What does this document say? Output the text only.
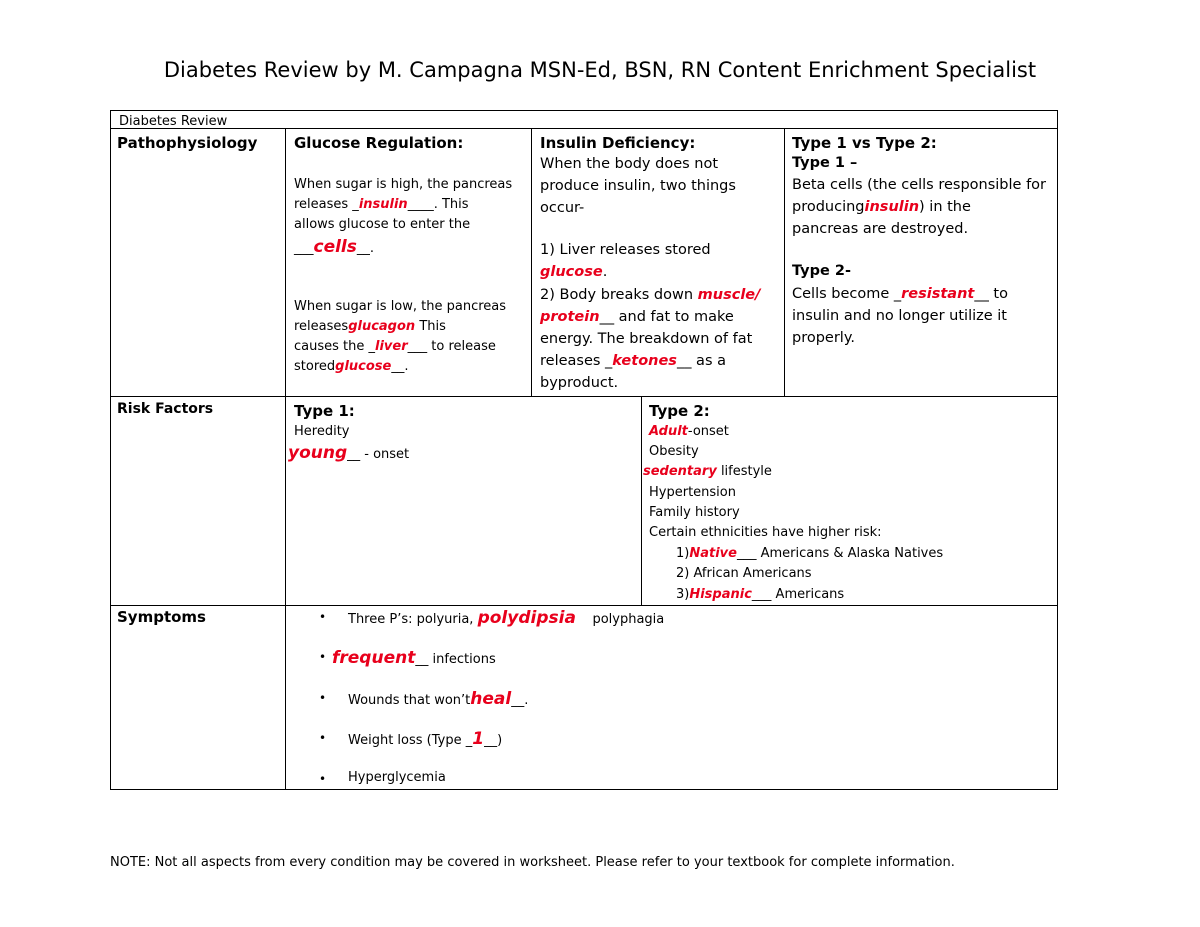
Diabetes Review by M. Campagna MSN-Ed, BSN, RN Content Enrichment Specialist
Diabetes Review
Pathophysiology Glucose Regulation:
When sugar is high, the pancreas
releases _insulin____. This
allows glucose to enter the
___cells__.
When sugar is low, the pancreas
releasesglucagon This
causes the _liver___ to release
storedglucose__.
Insulin Deficiency:
When the body does not
produce insulin, two things
occur-
1) Liver releases stored
glucose.
2) Body breaks down muscle/
protein__ and fat to make
energy. The breakdown of fat
releases _ketones__ as a
byproduct.
Type 1 vs Type 2:
Type 1 –
Beta cells (the cells responsible for
producinginsulin) in the
pancreas are destroyed.
Type 2-
Cells become _resistant__ to
insulin and no longer utilize it
properly.
Risk Factors	Type 1:
Heredity
young__ - onset
Type 2:
Adult-onset
Obesity
sedentary lifestyle
Hypertension
Family history
Certain ethnicities have higher risk:
1)Native___ Americans & Alaska Natives
2) African Americans
3)Hispanic___ Americans
Symptoms	• Three P’s: polyuria, polydipsia polyphagia
• frequent__ infections
• Wounds that won’theal__.
• Weight loss (Type _1__)
• Hyperglycemia
NOTE: Not all aspects from every condition may be covered in worksheet. Please refer to your textbook for complete information.
